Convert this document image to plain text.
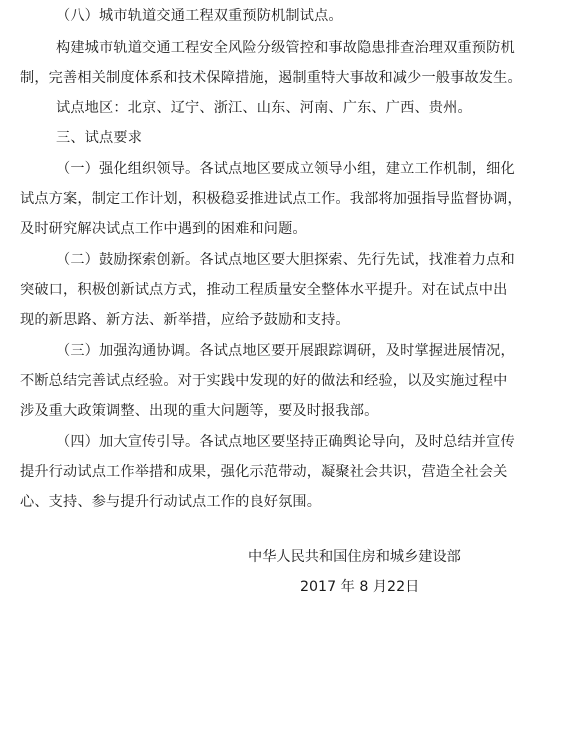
（八）城市轨道交通工程双重预防机制试点。
构建城市轨道交通工程安全风险分级管控和事故隐患排查治理双重预防机
制，完善相关制度体系和技术保障措施，遏制重特大事故和减少一般事故发生。
试点地区：北京、辽宁、浙江、山东、河南、广东、广西、贵州。
三、试点要求
（一）强化组织领导。各试点地区要成立领导小组，建立工作机制，细化
试点方案，制定工作计划，积极稳妥推进试点工作。我部将加强指导监督协调，
及时研究解决试点工作中遇到的困难和问题。
（二）鼓励探索创新。各试点地区要大胆探索、先行先试，找准着力点和
突破口，积极创新试点方式，推动工程质量安全整体水平提升。对在试点中出
现的新思路、新方法、新举措，应给予鼓励和支持。
（三）加强沟通协调。各试点地区要开展跟踪调研，及时掌握进展情况，
不断总结完善试点经验。对于实践中发现的好的做法和经验，以及实施过程中
涉及重大政策调整、出现的重大问题等，要及时报我部。
（四）加大宣传引导。各试点地区要坚持正确舆论导向，及时总结并宣传
提升行动试点工作举措和成果，强化示范带动，凝聚社会共识，营造全社会关
心、支持、参与提升行动试点工作的良好氛围。
中华人民共和国住房和城乡建设部
2017 年 8 月22日
